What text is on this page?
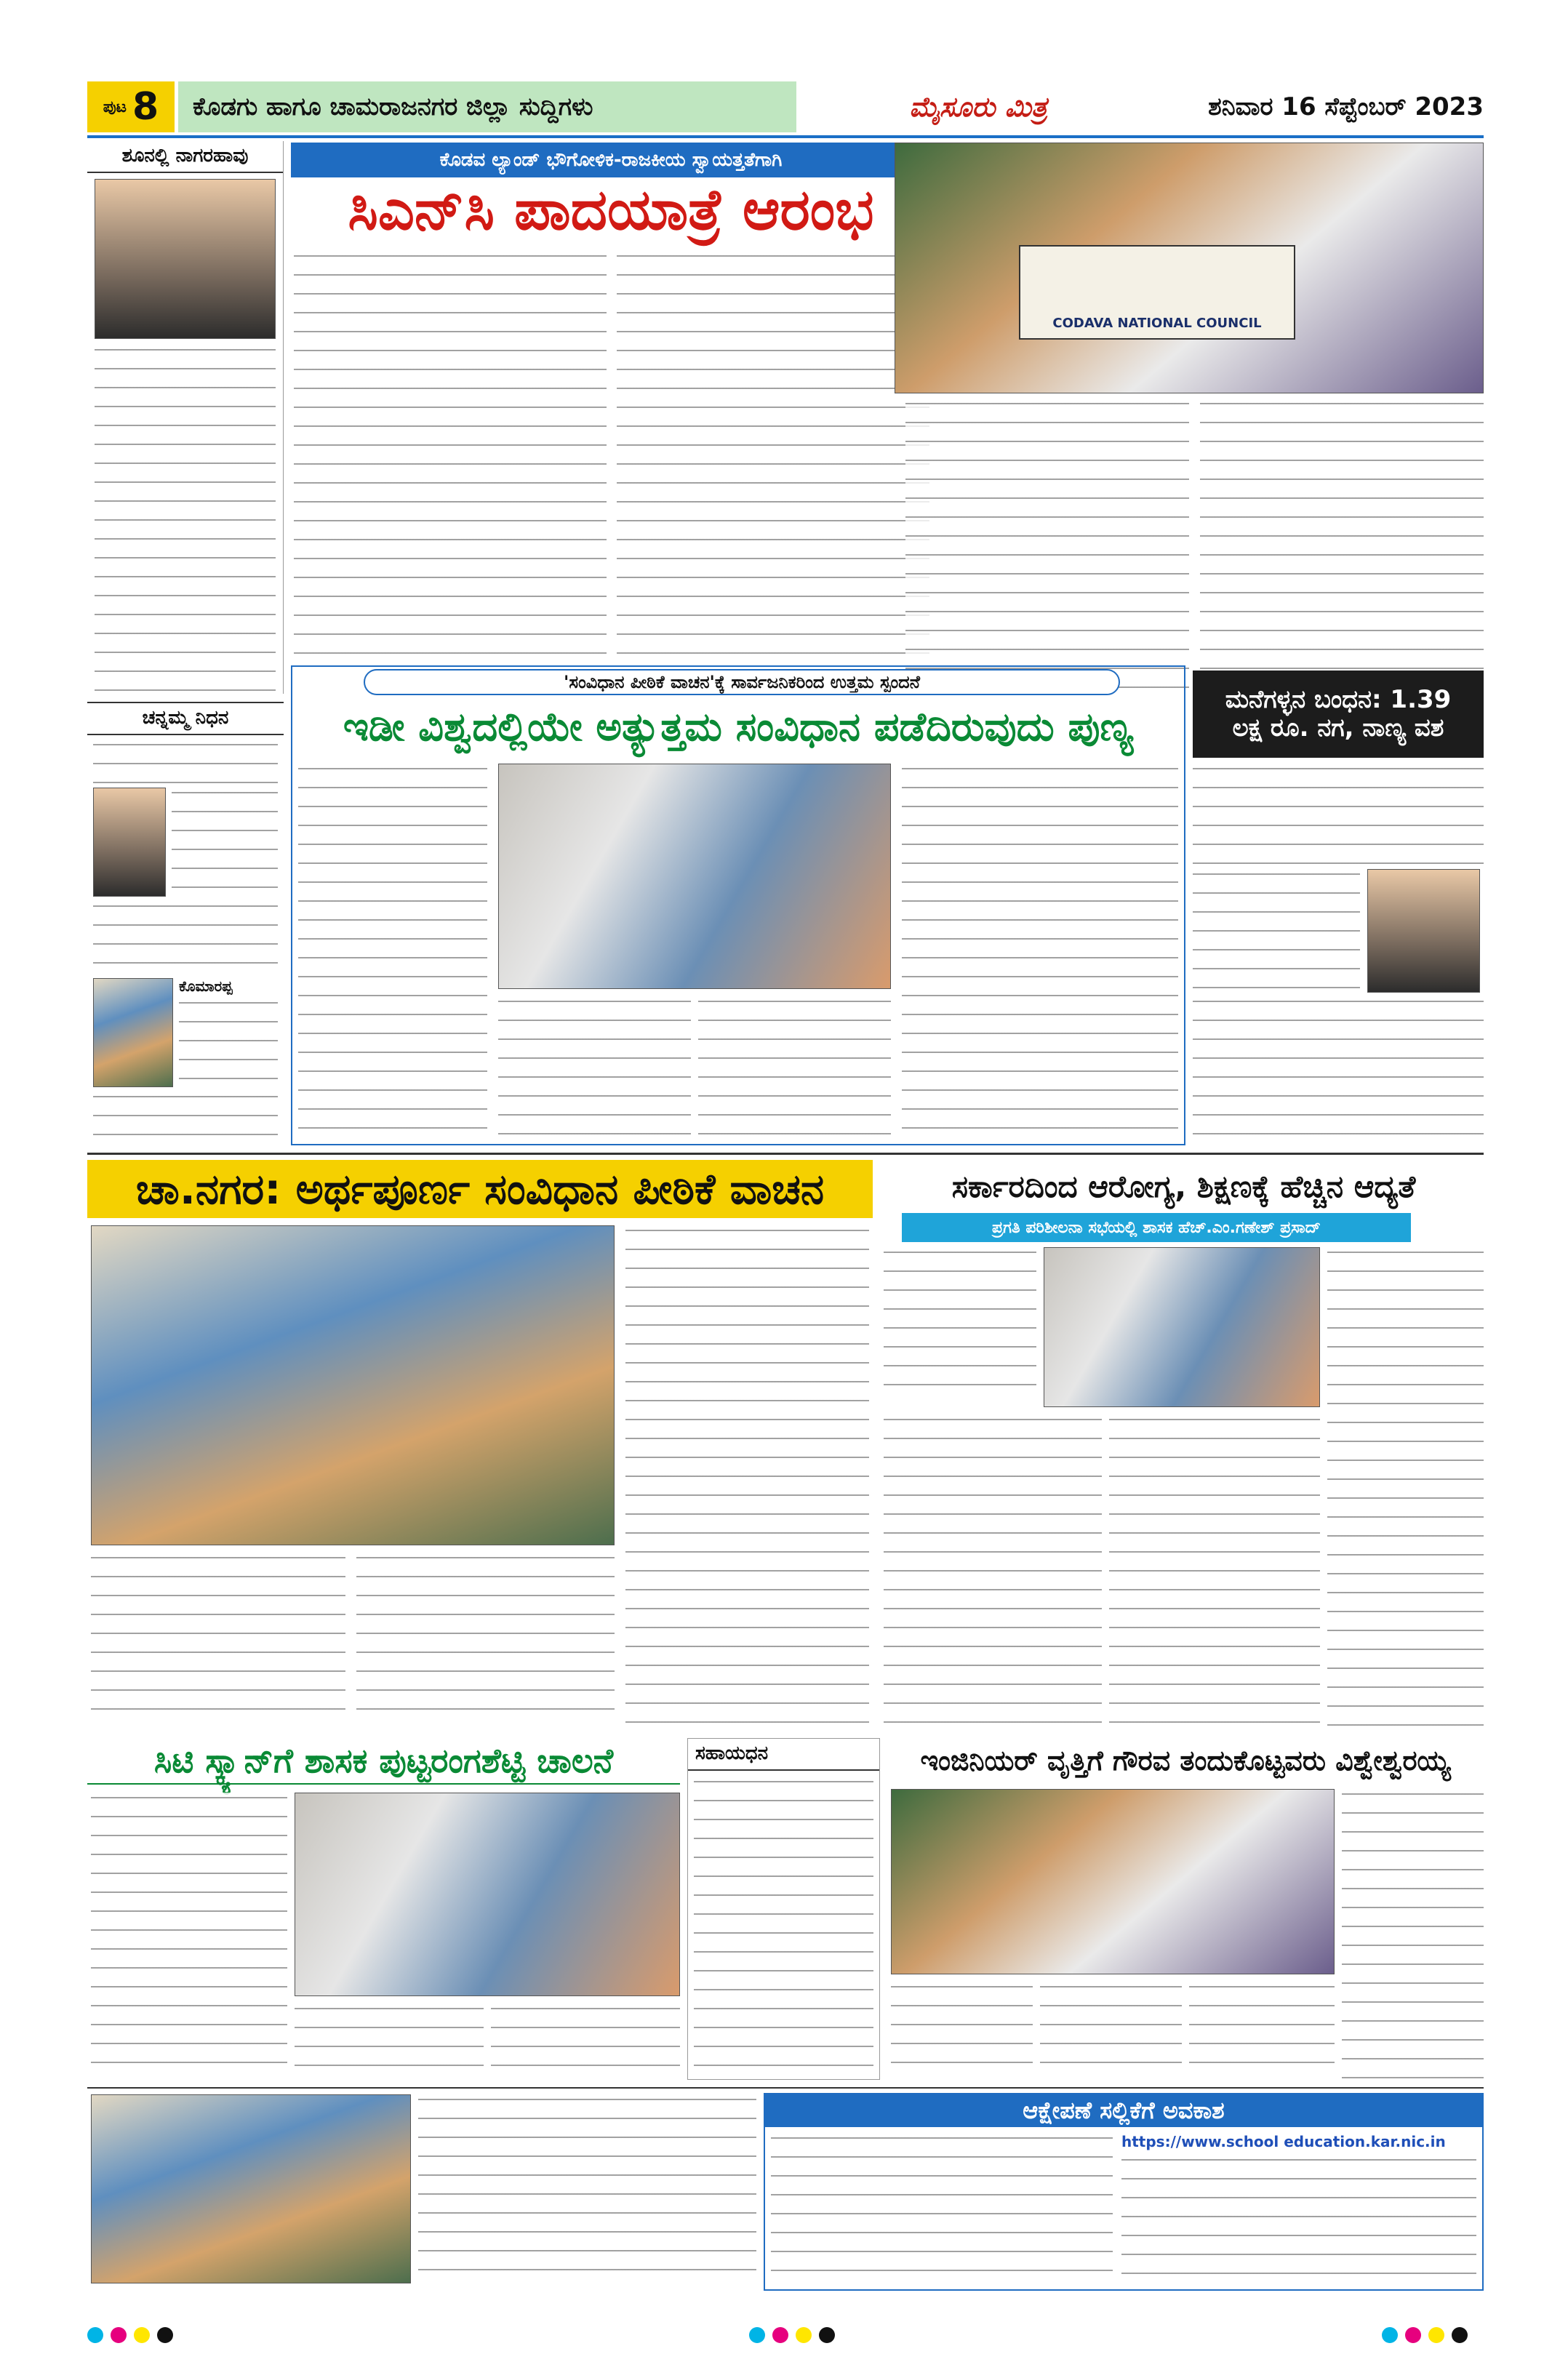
ಪುಟ 8	ಕೊಡಗು ಹಾಗೂ ಚಾಮರಾಜನಗರ ಜಿಲ್ಲಾ ಸುದ್ದಿಗಳು	ಮೈಸೂರು ಮಿತ್ರ	ಶನಿವಾರ 16 ಸೆಪ್ಟೆಂಬರ್ 2023
ಶೂನಲ್ಲಿ ನಾಗರಹಾವು	ಕೊಡವ ಲ್ಯಾಂಡ್ ಭೌಗೋಳಿಕ-ರಾಜಕೀಯ ಸ್ವಾಯತ್ತತೆಗಾಗಿ
ಸಿಎನ್‌ಸಿ ಪಾದಯಾತ್ರೆ ಆರಂಭ
CODAVA NATIONAL COUNCIL
'ಸಂವಿಧಾನ ಪೀಠಿಕೆ ವಾಚನ'ಕ್ಕೆ ಸಾರ್ವಜನಿಕರಿಂದ ಉತ್ತಮ ಸ್ಪಂದನೆ
ಇಡೀ ವಿಶ್ವದಲ್ಲಿಯೇ ಅತ್ಯುತ್ತಮ ಸಂವಿಧಾನ ಪಡೆದಿರುವುದು ಪುಣ್ಯ
ಮನೆಗಳ್ಳನ ಬಂಧನ: 1.39
ಲಕ್ಷ ರೂ. ನಗ, ನಾಣ್ಯ ವಶ
ಚನ್ನಮ್ಮ ನಿಧನ
ಕೊಮಾರಪ್ಪ
ಚಾ.ನಗರ: ಅರ್ಥಪೂರ್ಣ ಸಂವಿಧಾನ ಪೀಠಿಕೆ ವಾಚನ	ಸರ್ಕಾರದಿಂದ ಆರೋಗ್ಯ, ಶಿಕ್ಷಣಕ್ಕೆ ಹೆಚ್ಚಿನ ಆದ್ಯತೆ
ಪ್ರಗತಿ ಪರಿಶೀಲನಾ ಸಭೆಯಲ್ಲಿ ಶಾಸಕ ಹೆಚ್.ಎಂ.ಗಣೇಶ್ ಪ್ರಸಾದ್
ಸಿಟಿ ಸ್ಕ್ಯಾನ್‌ಗೆ ಶಾಸಕ ಪುಟ್ಟರಂಗಶೆಟ್ಟಿ ಚಾಲನೆ	ಸಹಾಯಧನ	ಇಂಜಿನಿಯರ್ ವೃತ್ತಿಗೆ ಗೌರವ ತಂದುಕೊಟ್ಟವರು ವಿಶ್ವೇಶ್ವರಯ್ಯ
ಆಕ್ಷೇಪಣೆ ಸಲ್ಲಿಕೆಗೆ ಅವಕಾಶ
https://www.school education.kar.nic.in
